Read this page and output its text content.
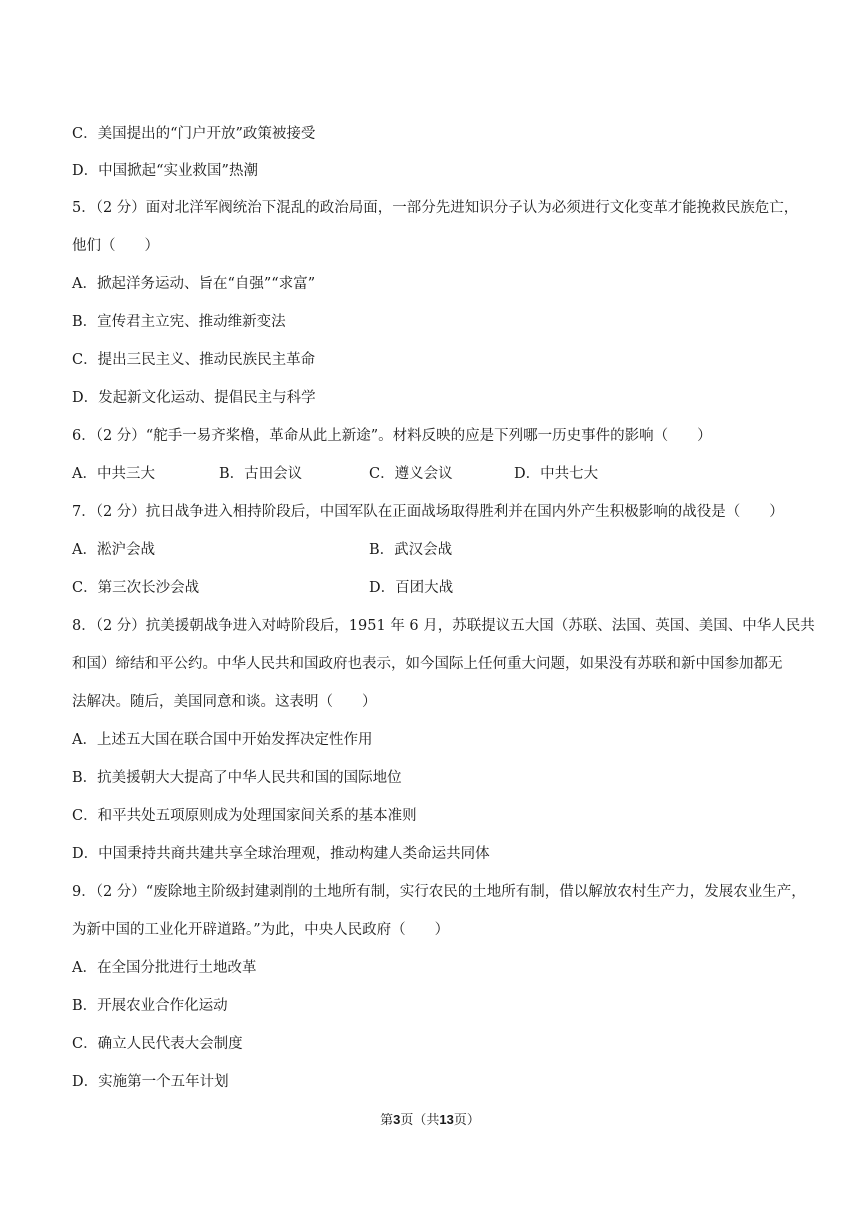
C．美国提出的“门户开放”政策被接受
D．中国掀起“实业救国”热潮
5．（2 分）面对北洋军阀统治下混乱的政治局面，一部分先进知识分子认为必须进行文化变革才能挽救民族危亡，
他们（　　）
A．掀起洋务运动、旨在“自强”“求富”
B．宣传君主立宪、推动维新变法
C．提出三民主义、推动民族民主革命
D．发起新文化运动、提倡民主与科学
6．（2 分）“舵手一易齐桨橹，革命从此上新途”。材料反映的应是下列哪一历史事件的影响（　　）
A．中共三大	B．古田会议	C．遵义会议	D．中共七大
7．（2 分）抗日战争进入相持阶段后，中国军队在正面战场取得胜利并在国内外产生积极影响的战役是（　　）
A．淞沪会战	B．武汉会战
C．第三次长沙会战	D．百团大战
8．（2 分）抗美援朝战争进入对峙阶段后，1951 年 6 月，苏联提议五大国（苏联、法国、英国、美国、中华人民共
和国）缔结和平公约。中华人民共和国政府也表示，如今国际上任何重大问题，如果没有苏联和新中国参加都无
法解决。随后，美国同意和谈。这表明（　　）
A．上述五大国在联合国中开始发挥决定性作用
B．抗美援朝大大提高了中华人民共和国的国际地位
C．和平共处五项原则成为处理国家间关系的基本准则
D．中国秉持共商共建共享全球治理观，推动构建人类命运共同体
9．（2 分）“废除地主阶级封建剥削的土地所有制，实行农民的土地所有制，借以解放农村生产力，发展农业生产，
为新中国的工业化开辟道路。”为此，中央人民政府（　　）
A．在全国分批进行土地改革
B．开展农业合作化运动
C．确立人民代表大会制度
D．实施第一个五年计划
第3页（共13页）
